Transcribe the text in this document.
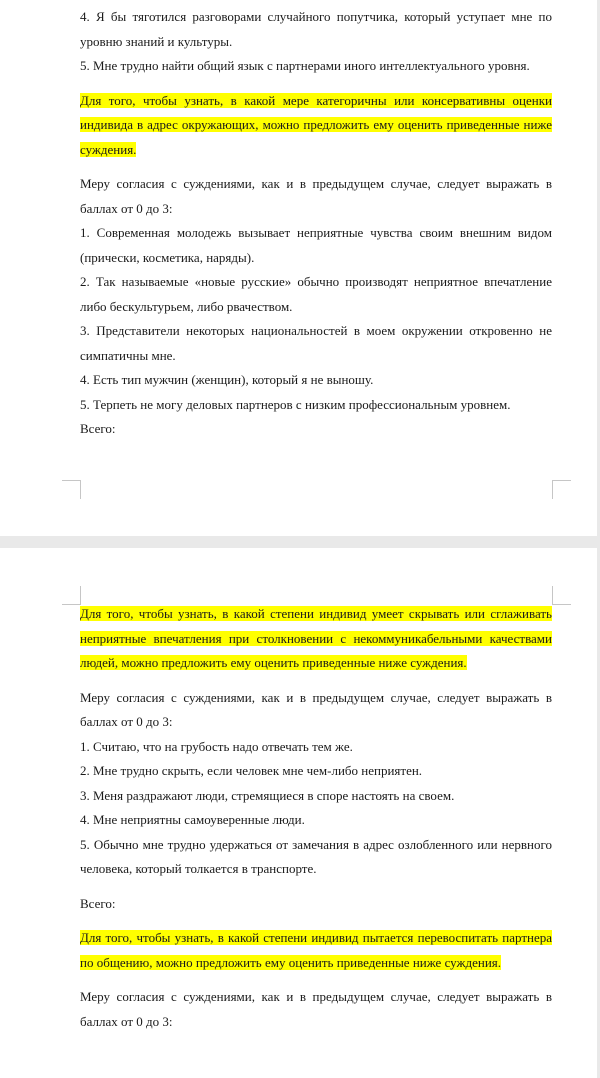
4. Я бы тяготился разговорами случайного попутчика, который уступает мне по уровню знаний и культуры.

5. Мне трудно найти общий язык с партнерами иного интеллектуального уровня.

Для того, чтобы узнать, в какой мере категоричны или консервативны оценки индивида в адрес окружающих, можно предложить ему оценить приведенные ниже суждения.

Меру согласия с суждениями, как и в предыдущем случае, следует выражать в баллах от 0 до 3:

1. Современная молодежь вызывает неприятные чувства своим внешним видом (прически, косметика, наряды).

2. Так называемые «новые русские» обычно производят неприятное впечатление либо бескультурьем, либо рвачеством.

3. Представители некоторых национальностей в моем окружении откровенно не симпатичны мне.

4. Есть тип мужчин (женщин), который я не выношу.

5. Терпеть не могу деловых партнеров с низким профессиональным уровнем.

Всего:

Для того, чтобы узнать, в какой степени индивид умеет скрывать или сглаживать неприятные впечатления при столкновении с некоммуникабельными качествами людей, можно предложить ему оценить приведенные ниже суждения.

Меру согласия с суждениями, как и в предыдущем случае, следует выражать в баллах от 0 до 3:

1. Считаю, что на грубость надо отвечать тем же.

2. Мне трудно скрыть, если человек мне чем-либо неприятен.

3. Меня раздражают люди, стремящиеся в споре настоять на своем.

4. Мне неприятны самоуверенные люди.

5. Обычно мне трудно удержаться от замечания в адрес озлобленного или нервного человека, который толкается в транспорте.

Всего:

Для того, чтобы узнать, в какой степени индивид пытается перевоспитать партнера по общению, можно предложить ему оценить приведенные ниже суждения.

Меру согласия с суждениями, как и в предыдущем случае, следует выражать в баллах от 0 до 3:
